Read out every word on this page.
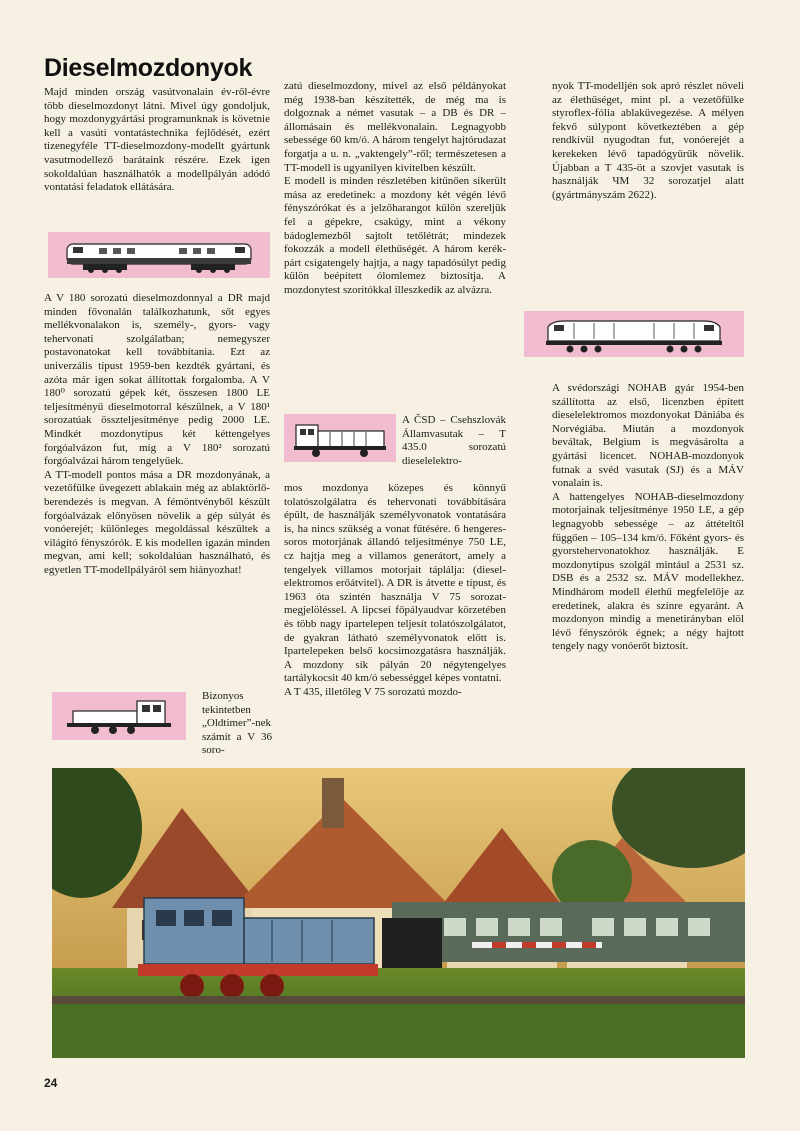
Dieselmozdonyok

Majd minden ország vasútvonalain év-ről-évre több dieselmozdonyt látni. Mivel úgy gondoljuk, hogy mozdonygyártási programunknak is követnie kell a vasúti vontatástechnika fejlődését, ezért tizenegyféle TT-dieselmozdony-modellt gyártunk vasutmodellező barátaink részére. Ezek igen sokoldalúan használhatók a modellpályán adódó vontatási feladatok ellátására.

A V 180 sorozatú dieselmozdonnyal a DR majd minden fővonalán találkozhatunk, sőt egyes mellékvonalakon is, személy-, gyors- vagy tehervonati szolgálatban; nemegyszer postavonatokat kell továbbítania. Ezt az univerzális típust 1959-ben kezdték gyártani, és azóta már igen sokat állítottak forgalomba. A V 180⁰ sorozatú gépek két, összesen 1800 LE teljesítményű dieselmotorral készülnek, a V 180¹ sorozatúak összteljesítménye pedig 2000 LE. Mindkét mozdonytípus két kéttengelyes forgóalvázon fut, míg a V 180² sorozatú forgóalvázai három tengelyűek.

A TT-modell pontos mása a DR mozdonyának, a vezetőfülke üvegezett ablakain még az ablaktörlő-berendezés is megvan. A fémöntvényből készült forgóalvázak előnyösen növelik a gép súlyát és vonóerejét; különleges megoldással készültek a világító fényszórók. E kis modellen igazán minden megvan, ami kell; sokoldalúan használható, és egyetlen TT-modellpályáról sem hiányozhat!

Bizonyos tekintetben „Oldtimer”-nek számít a V 36 soro-

zatú dieselmozdony, mivel az első példányokat még 1938-ban készítették, de még ma is dolgoznak a német vasutak – a DB és DR – állomásain és mellékvonalain. Legnagyobb sebessége 60 km/ó. A három tengelyt hajtórudazat forgatja a u. n. „vaktengely”-ről; természetesen a TT-modell is ugyanilyen kivitelben készült.

E modell is minden részletében kitűnően sikerült mása az eredetinek: a mozdony két végén lévő fényszórókat és a jelzőharangot külön szereljük fel a gépekre, csakúgy, mint a vékony bádoglemezből sajtolt tetőlétrát; mindezek fokozzák a modell élethűségét. A három kerék-párt csigatengely hajtja, a nagy tapadósúlyt pedig külön beépített ólomlemez biztosítja. A mozdonytest szorítókkal illeszkedik az alvázra.

A ČSD – Csehszlovák Államvasutak – T 435.0 sorozatú dieselelektro-

mos mozdonya közepes és könnyű tolatószolgálatra és tehervonati továbbítására épült, de használják személyvonatok vontatására is, ha nincs szükség a vonat fűtésére. 6 hengeres-soros motorjának állandó teljesítménye 750 LE, cz hajtja meg a villamos generátort, amely a tengelyek villamos motorjait táplálja: (diesel-elektromos erőátvitel). A DR is átvette e típust, és 1963 óta szintén használja V 75 sorozat-megjelöléssel. A lipcsei főpályaudvar körzetében és több nagy ipartelepen teljesít tolatószolgálatot, de gyakran látható személyvonatok előtt is. Ipartelepeken belső kocsimozgatásra használják. A mozdony sík pályán 20 négytengelyes tartálykocsit 40 km/ó sebességgel képes vontatni.

A T 435, illetőleg V 75 sorozatú mozdo-

nyok TT-modelljén sok apró részlet növeli az élethűséget, mint pl. a vezetőfülke styroflex-fólia ablaküvegezése. A mélyen fekvő súlypont következtében a gép rendkívül nyugodtan fut, vonóerejét a kerekeken lévő tapadógyűrűk növelik. Újabban a T 435-öt a szovjet vasutak is használják ЧМ 32 sorozatjel alatt (gyártmányszám 2622).

A svédországi NOHAB gyár 1954-ben szállította az első, licenzben épített dieselelektromos mozdonyokat Dániába és Norvégiába. Miután a mozdonyok beváltak, Belgium is megvásárolta a gyártási licencet. NOHAB-mozdonyok futnak a svéd vasutak (SJ) és a MÁV vonalain is.

A hattengelyes NOHAB-dieselmozdony motorjainak teljesítménye 1950 LE, a gép legnagyobb sebessége – az áttételtől függően – 105–134 km/ó. Főként gyors- és gyorstehervonatokhoz használják. E mozdonytípus szolgál mintául a 2531 sz. DSB és a 2532 sz. MÁV modellekhez. Mindhárom modell élethű megfelelője az eredetinek, alakra és színre egyaránt. A mozdonyon mindig a menetirányban elöl lévő fényszórók égnek; a négy hajtott tengely nagy vonóerőt biztosít.

24
